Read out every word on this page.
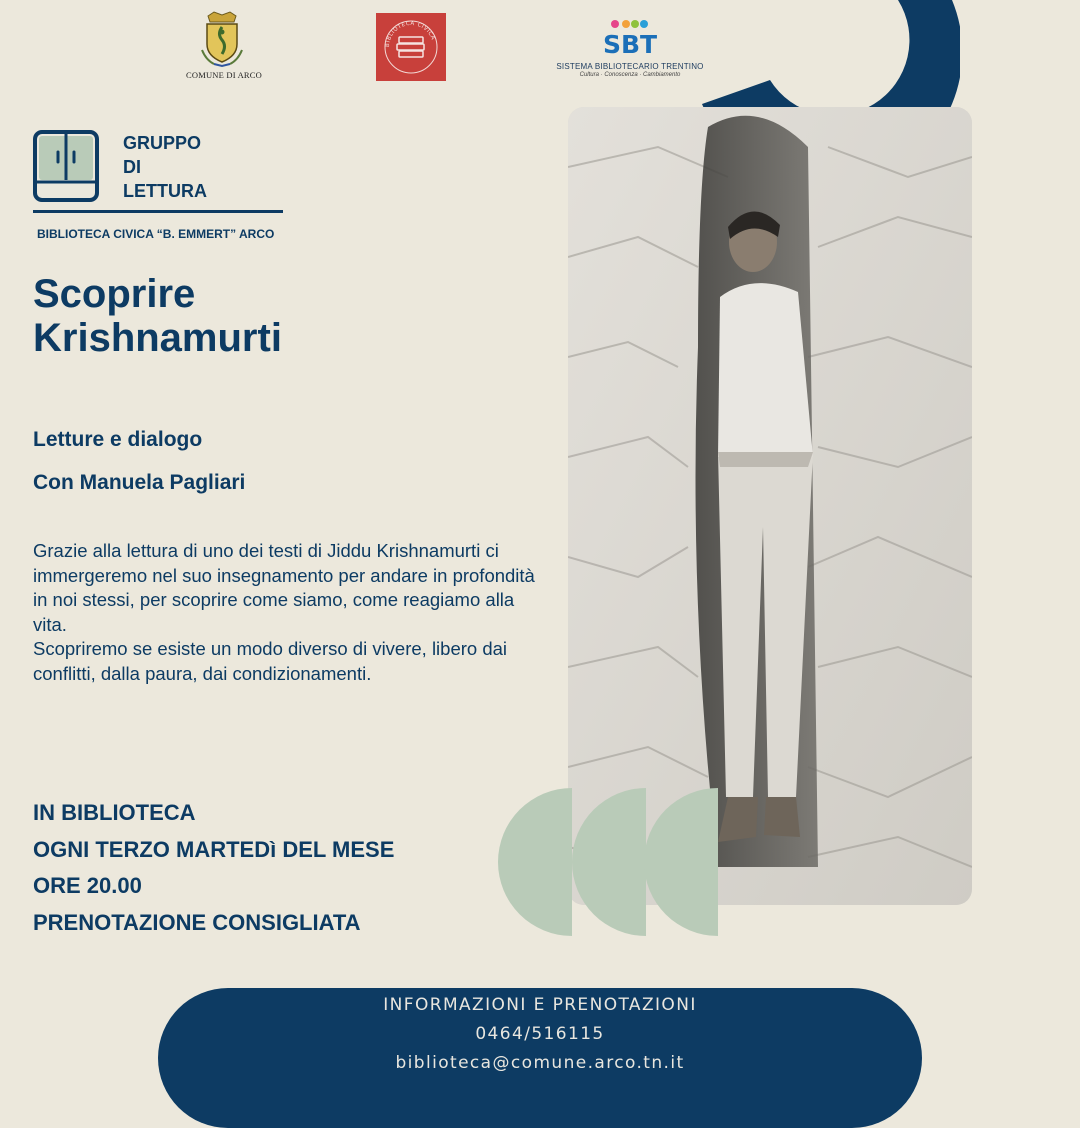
COMUNE DI ARCO
BIBLIOTECA CIVICA	SBT
SISTEMA BIBLIOTECARIO TRENTINO
Cultura · Conoscenza · Cambiamento
GRUPPO
DI
LETTURA
BIBLIOTECA CIVICA “B. EMMERT” ARCO
Scoprire
Krishnamurti
Letture e dialogo
Con Manuela Pagliari

Grazie alla lettura di uno dei testi di Jiddu Krishnamurti ci immergeremo nel suo insegnamento per andare in profondità in noi stessi, per scoprire come siamo, come reagiamo alla vita.

Scopriremo se esiste un modo diverso di vivere, libero dai conflitti, dalla paura, dai condizionamenti.

IN BIBLIOTECA
OGNI TERZO MARTEDì DEL MESE
ORE 20.00
PRENOTAZIONE CONSIGLIATA
INFORMAZIONI E PRENOTAZIONI
0464/516115
biblioteca@comune.arco.tn.it
